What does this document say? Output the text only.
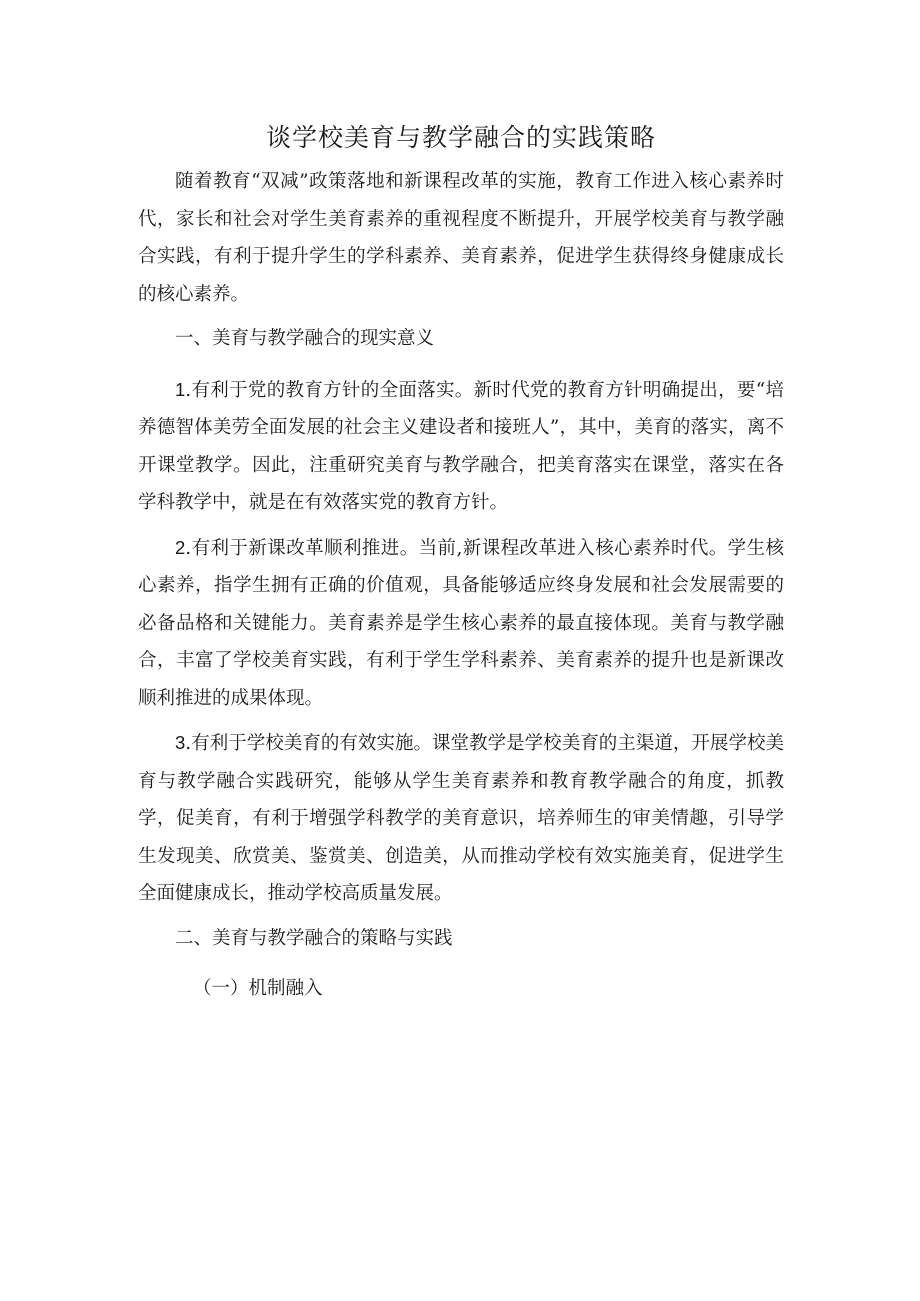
谈学校美育与教学融合的实践策略

随着教育“双减”政策落地和新课程改革的实施，教育工作进入核心素养时代，家长和社会对学生美育素养的重视程度不断提升，开展学校美育与教学融合实践，有利于提升学生的学科素养、美育素养，促进学生获得终身健康成长的核心素养。

一、美育与教学融合的现实意义

1.有利于党的教育方针的全面落实。新时代党的教育方针明确提出，要“培养德智体美劳全面发展的社会主义建设者和接班人”，其中，美育的落实，离不开课堂教学。因此，注重研究美育与教学融合，把美育落实在课堂，落实在各学科教学中，就是在有效落实党的教育方针。

2.有利于新课改革顺利推进。当前,新课程改革进入核心素养时代。学生核心素养，指学生拥有正确的价值观，具备能够适应终身发展和社会发展需要的必备品格和关键能力。美育素养是学生核心素养的最直接体现。美育与教学融合，丰富了学校美育实践，有利于学生学科素养、美育素养的提升也是新课改顺利推进的成果体现。

3.有利于学校美育的有效实施。课堂教学是学校美育的主渠道，开展学校美育与教学融合实践研究，能够从学生美育素养和教育教学融合的角度，抓教学，促美育，有利于增强学科教学的美育意识，培养师生的审美情趣，引导学生发现美、欣赏美、鉴赏美、创造美，从而推动学校有效实施美育，促进学生全面健康成长，推动学校高质量发展。

二、美育与教学融合的策略与实践

（一）机制融入
